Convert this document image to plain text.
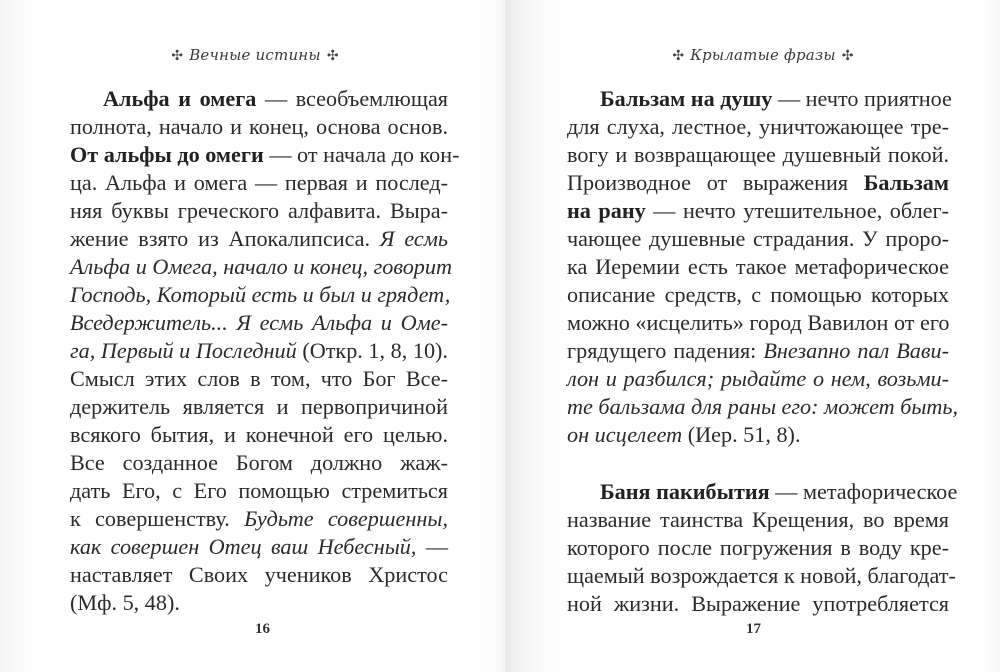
✣ Вечные истины ✣
Альфа и омега — всеобъемлющая
полнота, начало и конец, основа основ.
От альфы до омеги — от начала до кон-
ца. Альфа и омега — первая и послед-
няя буквы греческого алфавита. Выра-
жение взято из Апокалипсиса. Я есмь
Альфа и Омега, начало и конец, говорит
Господь, Который есть и был и грядет,
Вседержитель... Я есмь Альфа и Оме-
га, Первый и Последний (Откр. 1, 8, 10).
Смысл этих слов в том, что Бог Все-
держитель является и первопричиной
всякого бытия, и конечной его целью.
Все созданное Богом должно жаж-
дать Его, с Его помощью стремиться
к совершенству. Будьте совершенны,
как совершен Отец ваш Небесный, —
наставляет Своих учеников Христос
(Мф. 5, 48).
16
✣ Крылатые фразы ✣
Бальзам на душу — нечто приятное
для слуха, лестное, уничтожающее тре-
вогу и возвращающее душевный покой.
Производное от выражения Бальзам
на рану — нечто утешительное, облег-
чающее душевные страдания. У проро-
ка Иеремии есть такое метафорическое
описание средств, с помощью которых
можно «исцелить» город Вавилон от его
грядущего падения: Внезапно пал Вави-
лон и разбился; рыдайте о нем, возьми-
те бальзама для раны его: может быть,
он исцелеет (Иер. 51, 8).
Баня пакибытия — метафорическое
название таинства Крещения, во время
которого после погружения в воду кре-
щаемый возрождается к новой, благодат-
ной жизни. Выражение употребляется
17
